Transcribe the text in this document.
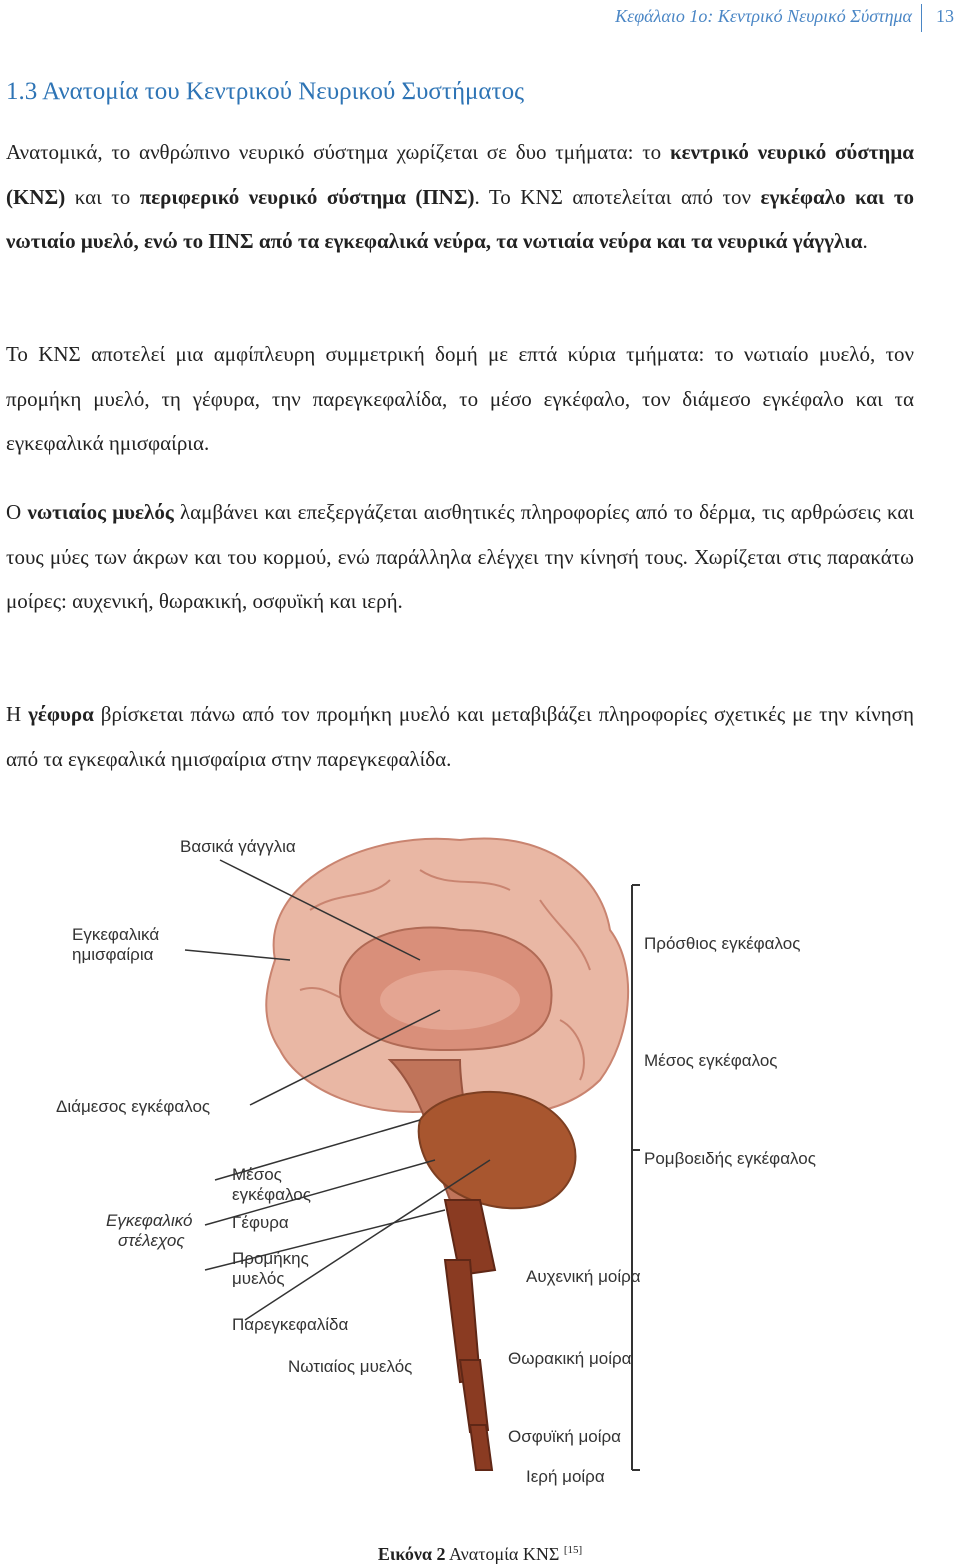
Κεφάλαιο 1ο: Κεντρικό Νευρικό Σύστημα 13
1.3 Ανατομία του Κεντρικού Νευρικού Συστήματος
Ανατομικά, το ανθρώπινο νευρικό σύστημα χωρίζεται σε δυο τμήματα: το κεντρικό νευρικό σύστημα (ΚΝΣ) και το περιφερικό νευρικό σύστημα (ΠΝΣ). Το ΚΝΣ αποτελείται από τον εγκέφαλο και το νωτιαίο μυελό, ενώ το ΠΝΣ από τα εγκεφαλικά νεύρα, τα νωτιαία νεύρα και τα νευρικά γάγγλια.
Το ΚΝΣ αποτελεί μια αμφίπλευρη συμμετρική δομή με επτά κύρια τμήματα: το νωτιαίο μυελό, τον προμήκη μυελό, τη γέφυρα, την παρεγκεφαλίδα, το μέσο εγκέφαλο, τον διάμεσο εγκέφαλο και τα εγκεφαλικά ημισφαίρια.
Ο νωτιαίος μυελός λαμβάνει και επεξεργάζεται αισθητικές πληροφορίες από το δέρμα, τις αρθρώσεις και τους μύες των άκρων και του κορμού, ενώ παράλληλα ελέγχει την κίνησή τους. Χωρίζεται στις παρακάτω μοίρες: αυχενική, θωρακική, οσφυϊκή και ιερή.
Η γέφυρα βρίσκεται πάνω από τον προμήκη μυελό και μεταβιβάζει πληροφορίες σχετικές με την κίνηση από τα εγκεφαλικά ημισφαίρια στην παρεγκεφαλίδα.
Βασικά γάγγλια
Εγκεφαλικά
ημισφαίρια
Πρόσθιος εγκέφαλος
Μέσος εγκέφαλος
Διάμεσος εγκέφαλος
Ρομβοειδής εγκέφαλος
Μέσος
εγκέφαλος
Εγκεφαλικό
στέλεχος
Γέφυρα
Προμήκης
μυελός	Αυχενική μοίρα
Παρεγκεφαλίδα
Νωτιαίος μυελός	Θωρακική μοίρα
Οσφυϊκή μοίρα
Ιερή μοίρα
Εικόνα 2 Ανατομία ΚΝΣ [15]
